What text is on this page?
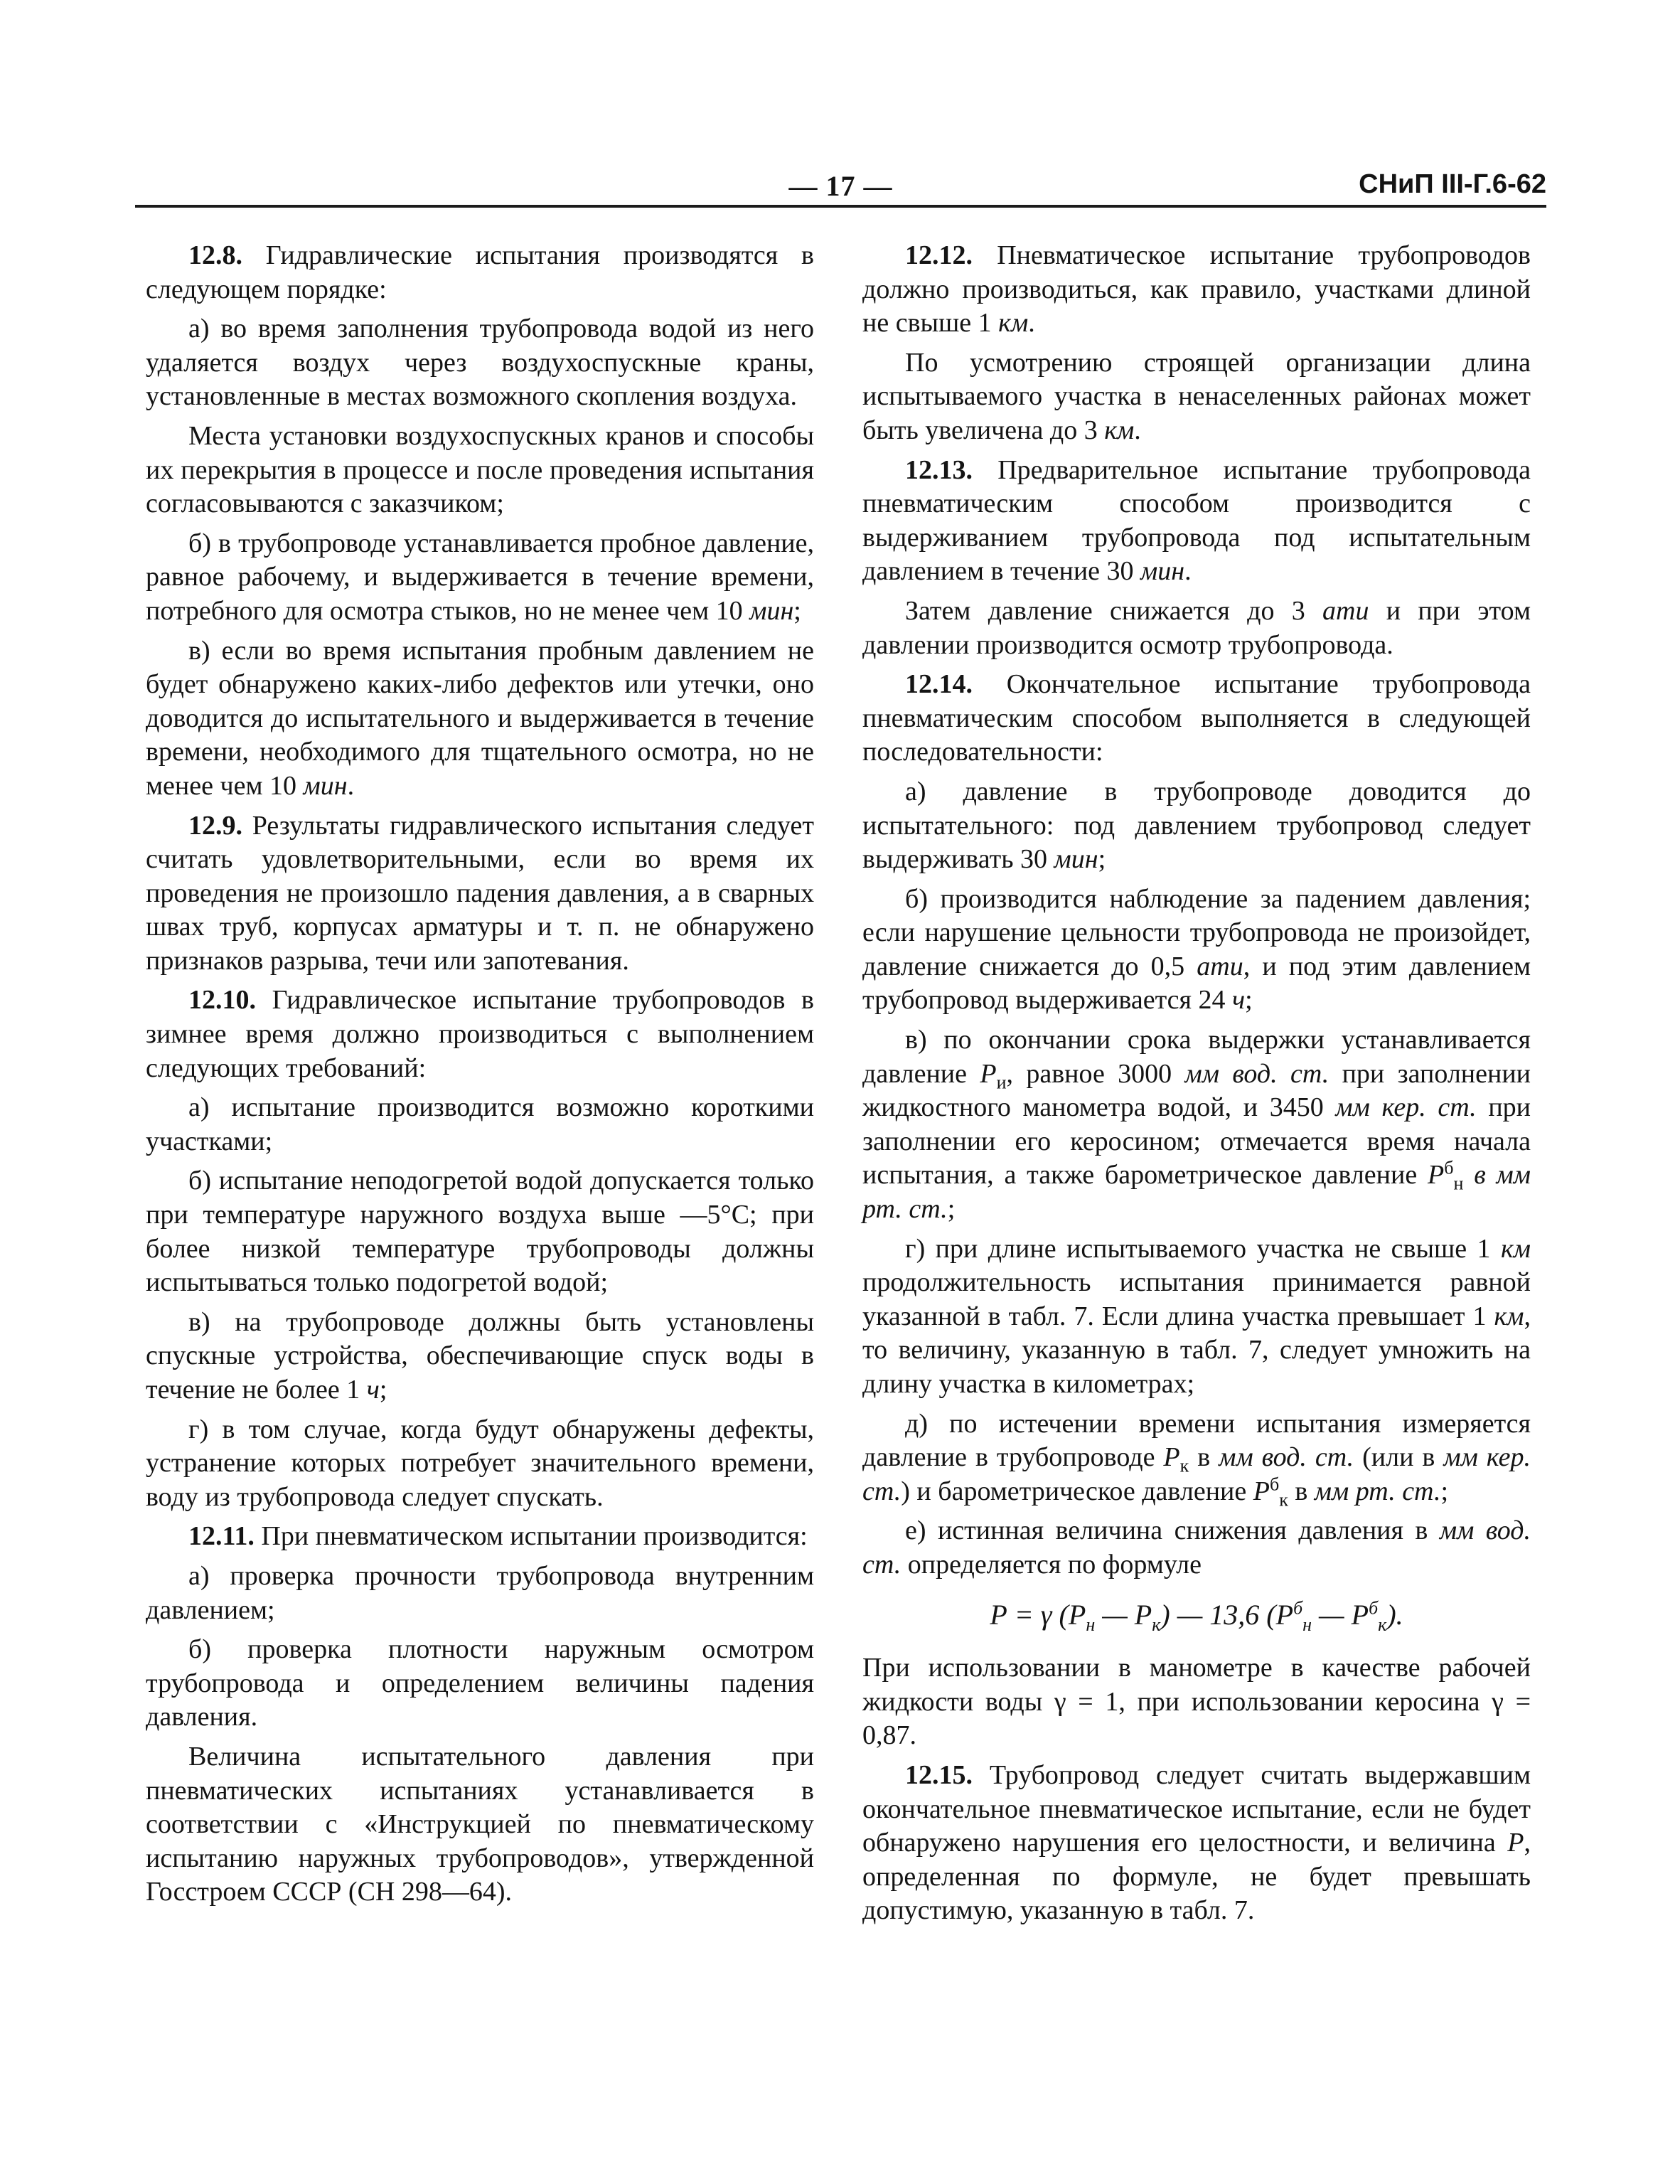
— 17 —	СНиП III-Г.6-62

12.8. Гидравлические испытания производятся в следующем порядке:

а) во время заполнения трубопровода водой из него удаляется воздух через воздухоспускные краны, установленные в местах возможного скопления воздуха.

Места установки воздухоспускных кранов и способы их перекрытия в процессе и после проведения испытания согласовываются с заказчиком;

б) в трубопроводе устанавливается пробное давление, равное рабочему, и выдерживается в течение времени, потребного для осмотра стыков, но не менее чем 10 мин;

в) если во время испытания пробным давлением не будет обнаружено каких-либо дефектов или утечки, оно доводится до испытательного и выдерживается в течение времени, необходимого для тщательного осмотра, но не менее чем 10 мин.

12.9. Результаты гидравлического испытания следует считать удовлетворительными, если во время их проведения не произошло падения давления, а в сварных швах труб, корпусах арматуры и т. п. не обнаружено признаков разрыва, течи или запотевания.

12.10. Гидравлическое испытание трубопроводов в зимнее время должно производиться с выполнением следующих требований:

а) испытание производится возможно короткими участками;

б) испытание неподогретой водой допускается только при температуре наружного воздуха выше —5°С; при более низкой температуре трубопроводы должны испытываться только подогретой водой;

в) на трубопроводе должны быть установлены спускные устройства, обеспечивающие спуск воды в течение не более 1 ч;

г) в том случае, когда будут обнаружены дефекты, устранение которых потребует значительного времени, воду из трубопровода следует спускать.

12.11. При пневматическом испытании производится:

а) проверка прочности трубопровода внутренним давлением;

б) проверка плотности наружным осмотром трубопровода и определением величины падения давления.

Величина испытательного давления при пневматических испытаниях устанавливается в соответствии с «Инструкцией по пневматическому испытанию наружных трубопроводов», утвержденной Госстроем СССР (СН 298—64).

12.12. Пневматическое испытание трубопроводов должно производиться, как правило, участками длиной не свыше 1 км.

По усмотрению строящей организации длина испытываемого участка в ненаселенных районах может быть увеличена до 3 км.

12.13. Предварительное испытание трубопровода пневматическим способом производится с выдерживанием трубопровода под испытательным давлением в течение 30 мин.

Затем давление снижается до 3 ати и при этом давлении производится осмотр трубопровода.

12.14. Окончательное испытание трубопровода пневматическим способом выполняется в следующей последовательности:

а) давление в трубопроводе доводится до испытательного: под давлением трубопровод следует выдерживать 30 мин;

б) производится наблюдение за падением давления; если нарушение цельности трубопровода не произойдет, давление снижается до 0,5 ати, и под этим давлением трубопровод выдерживается 24 ч;

в) по окончании срока выдержки устанавливается давление $Р_и$, равное 3000 мм вод. ст. при заполнении жидкостного манометра водой, и 3450 мм кер. ст. при заполнении его керосином; отмечается время начала испытания, а также барометрическое давление $Р^б_н$ в мм рт. ст.;

г) при длине испытываемого участка не свыше 1 км продолжительность испытания принимается равной указанной в табл. 7. Если длина участка превышает 1 км, то величину, указанную в табл. 7, следует умножить на длину участка в километрах;

д) по истечении времени испытания измеряется давление в трубопроводе $Р_к$ в мм вод. ст. (или в мм кер. ст.) и барометрическое давление $Р^б_к$ в мм рт. ст.;

е) истинная величина снижения давления в мм вод. ст. определяется по формуле

Р = γ ($Р_н$ — $Р_к$) — 13,6 ($Р^б_н$ — $Р^б_к$).

При использовании в манометре в качестве рабочей жидкости воды γ = 1, при использовании керосина γ = 0,87.

12.15. Трубопровод следует считать выдержавшим окончательное пневматическое испытание, если не будет обнаружено нарушения его целостности, и величина Р, определенная по формуле, не будет превышать допустимую, указанную в табл. 7.
